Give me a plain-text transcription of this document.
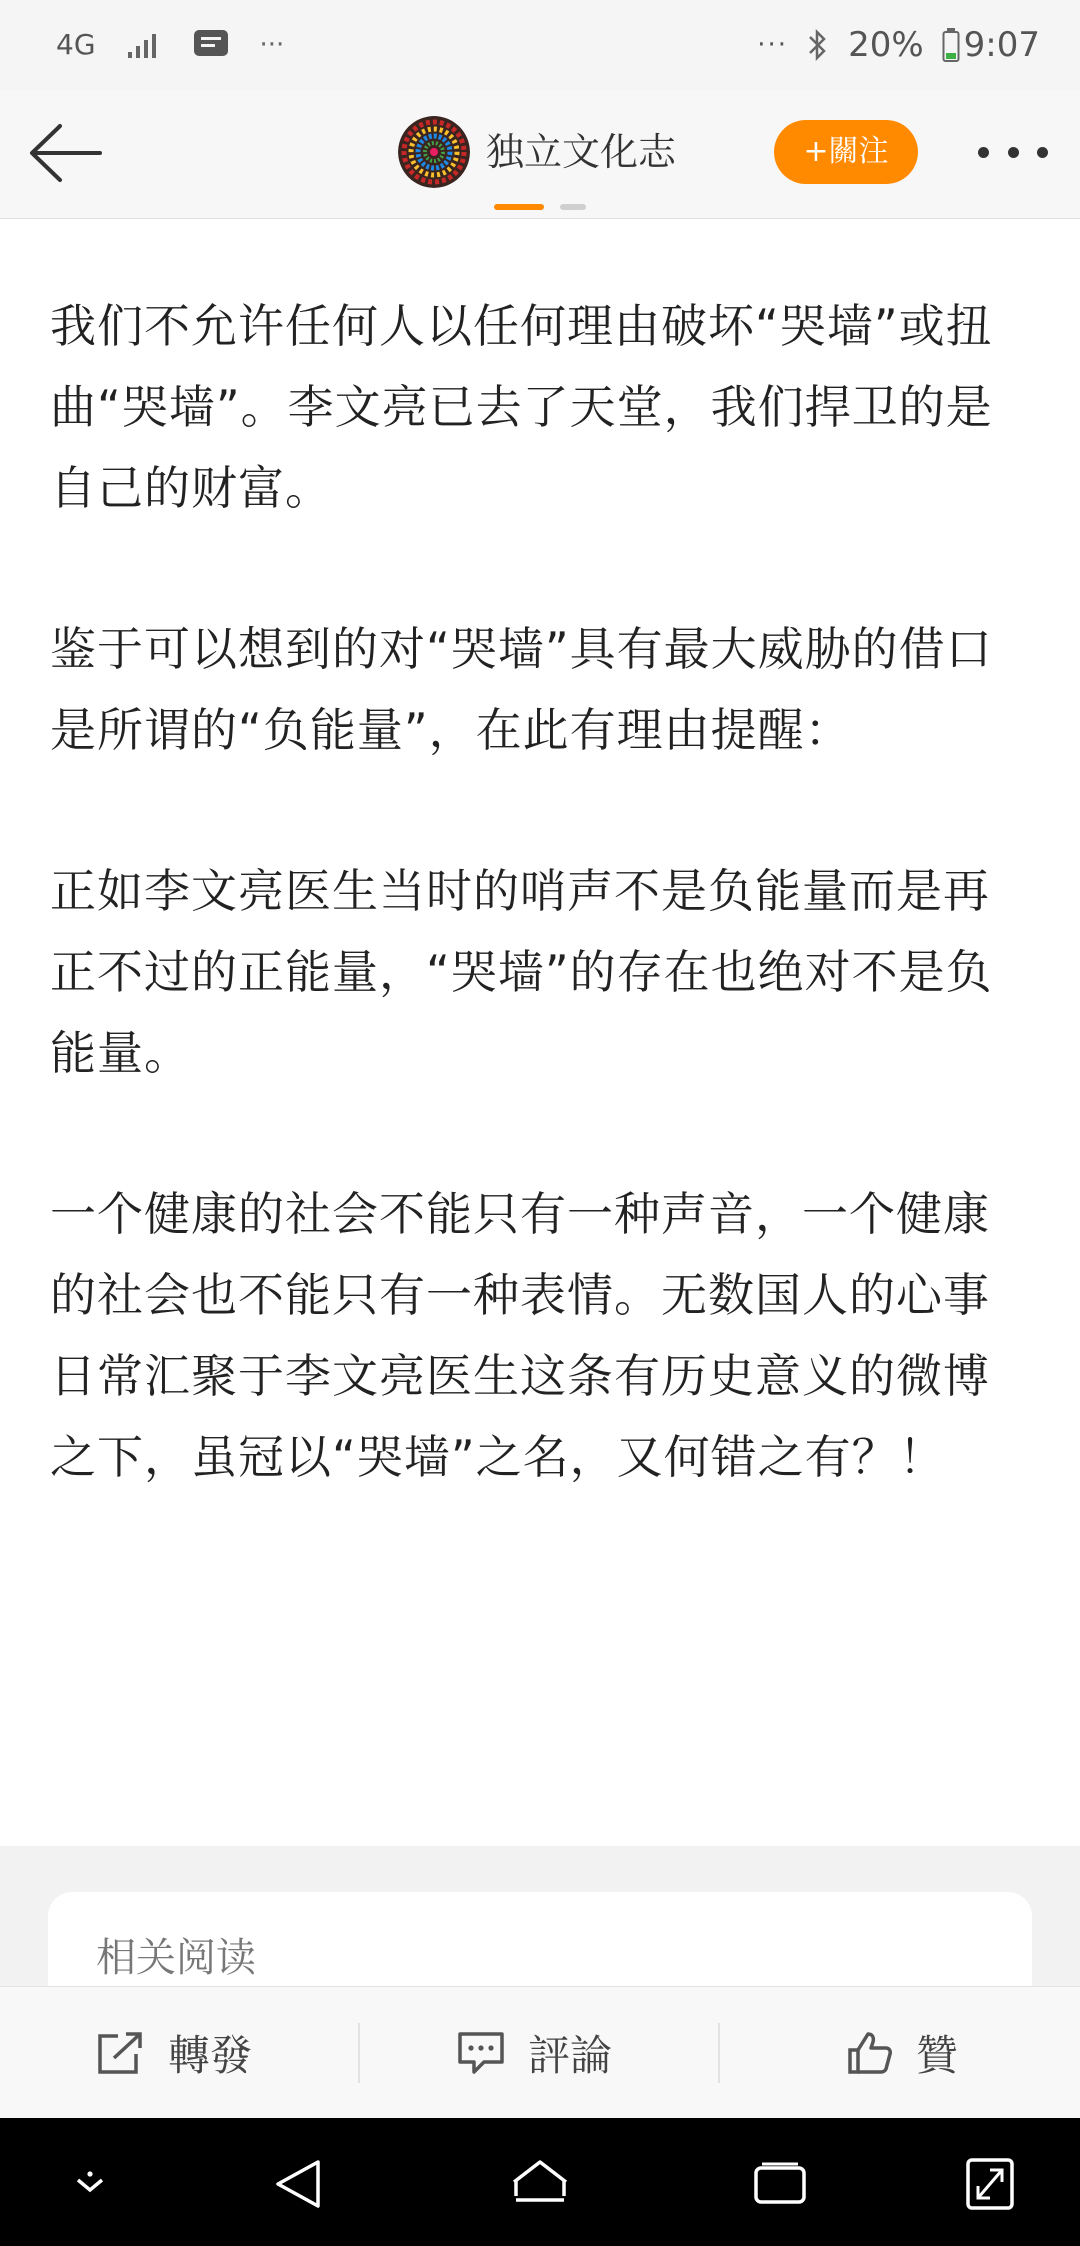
4G	···	··· 20% 9:07
独立文化志	+關注

我们不允许任何人以任何理由破坏“哭墙”或扭曲“哭墙”。李文亮已去了天堂，我们捍卫的是自己的财富。

鉴于可以想到的对“哭墙”具有最大威胁的借口是所谓的“负能量”，在此有理由提醒：

正如李文亮医生当时的哨声不是负能量而是再正不过的正能量，“哭墙”的存在也绝对不是负能量。

一个健康的社会不能只有一种声音，一个健康的社会也不能只有一种表情。无数国人的心事日常汇聚于李文亮医生这条有历史意义的微博之下，虽冠以“哭墙”之名，又何错之有？！

相关阅读
轉發	評論	贊
